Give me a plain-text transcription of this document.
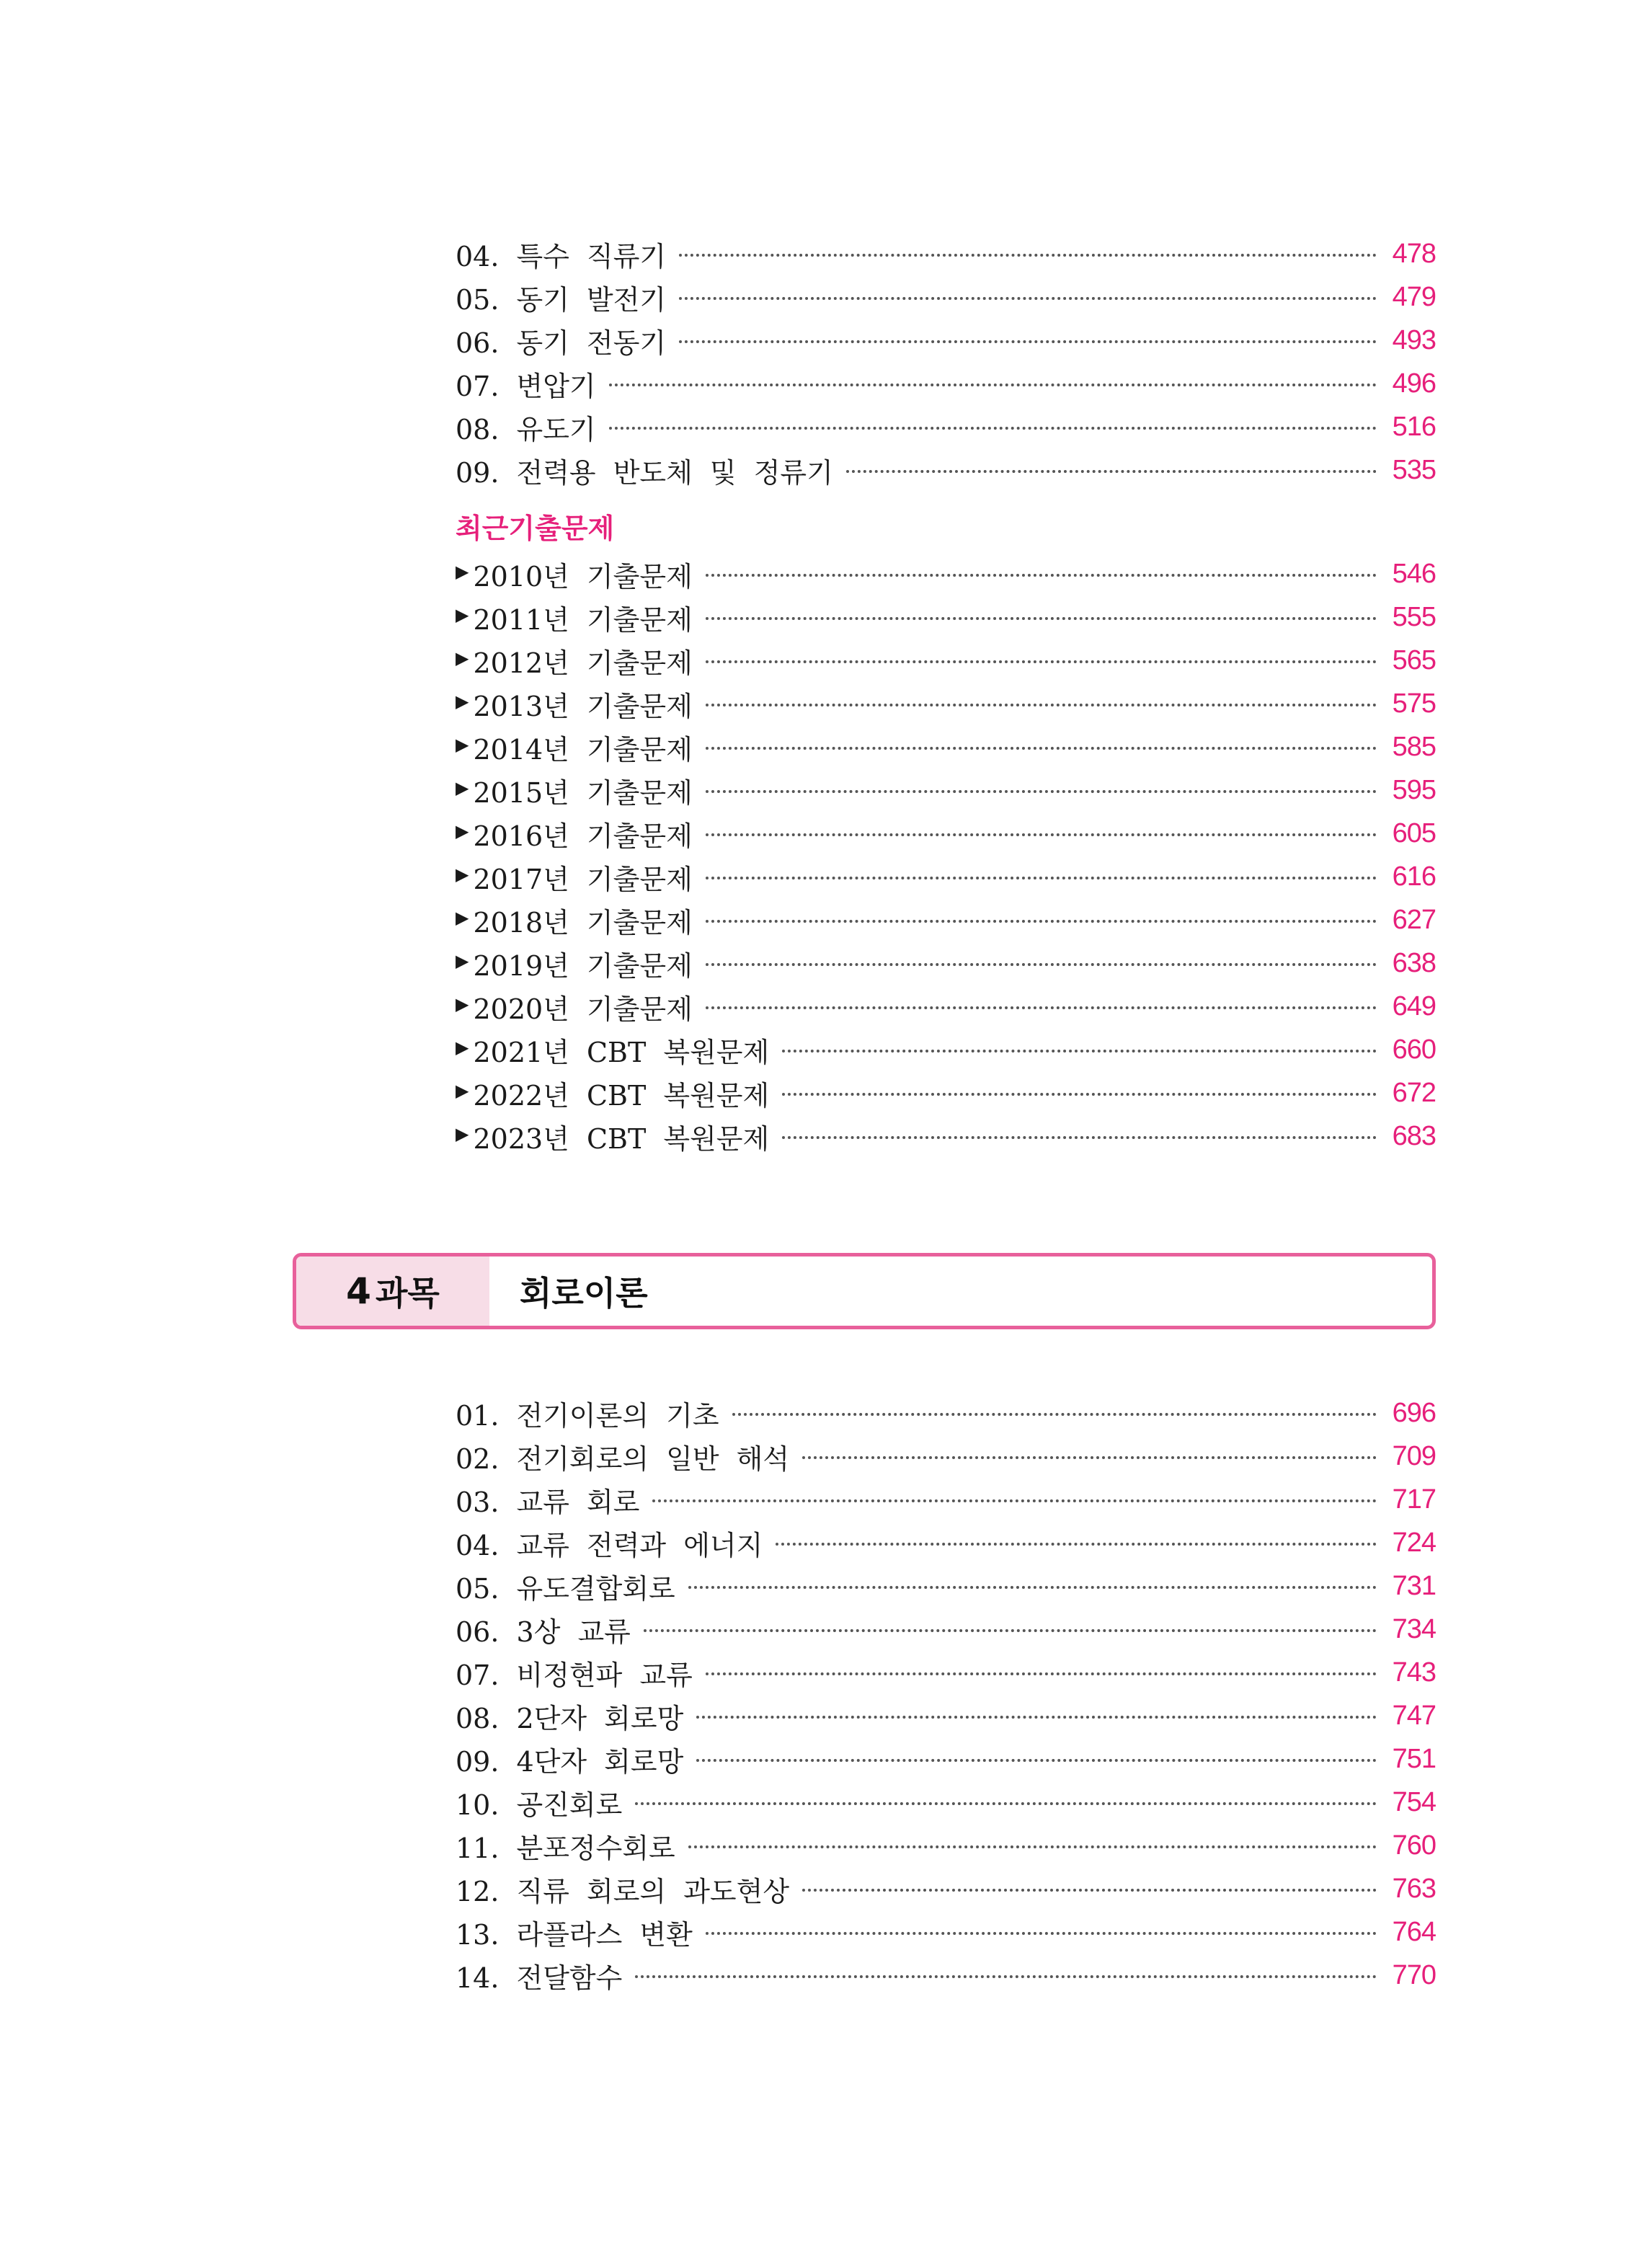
04. 특수 직류기	478
05. 동기 발전기	479
06. 동기 전동기	493
07. 변압기	496
08. 유도기	516
09. 전력용 반도체 및 정류기	535
최근기출문제
▶ 2010년 기출문제	546
▶ 2011년 기출문제	555
▶ 2012년 기출문제	565
▶ 2013년 기출문제	575
▶ 2014년 기출문제	585
▶ 2015년 기출문제	595
▶ 2016년 기출문제	605
▶ 2017년 기출문제	616
▶ 2018년 기출문제	627
▶ 2019년 기출문제	638
▶ 2020년 기출문제	649
▶ 2021년 CBT 복원문제	660
▶ 2022년 CBT 복원문제	672
▶ 2023년 CBT 복원문제	683
4 과목 회로이론
01. 전기이론의 기초	696
02. 전기회로의 일반 해석	709
03. 교류 회로	717
04. 교류 전력과 에너지	724
05. 유도결합회로	731
06. 3상 교류	734
07. 비정현파 교류	743
08. 2단자 회로망	747
09. 4단자 회로망	751
10. 공진회로	754
11. 분포정수회로	760
12. 직류 회로의 과도현상	763
13. 라플라스 변환	764
14. 전달함수	770
